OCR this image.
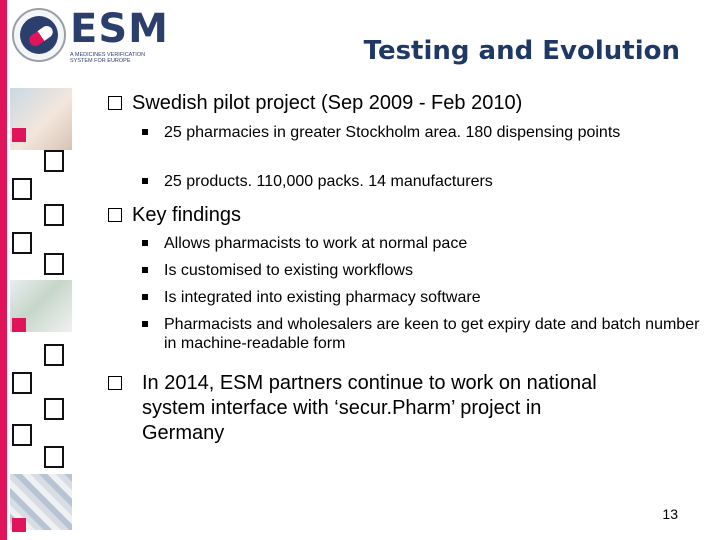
ESM
A MEDICINES VERIFICATION SYSTEM FOR EUROPE	Testing and Evolution
Swedish pilot project (Sep 2009 - Feb 2010)
25 pharmacies in greater Stockholm area. 180 dispensing points
25 products. 110,000 packs. 14 manufacturers
Key findings
Allows pharmacists to work at normal pace
Is customised to existing workflows
Is integrated into existing pharmacy software
Pharmacists and wholesalers are keen to get expiry date and batch number in machine-readable form
In 2014, ESM partners continue to work on national system interface with ‘secur.Pharm’ project in Germany
13
